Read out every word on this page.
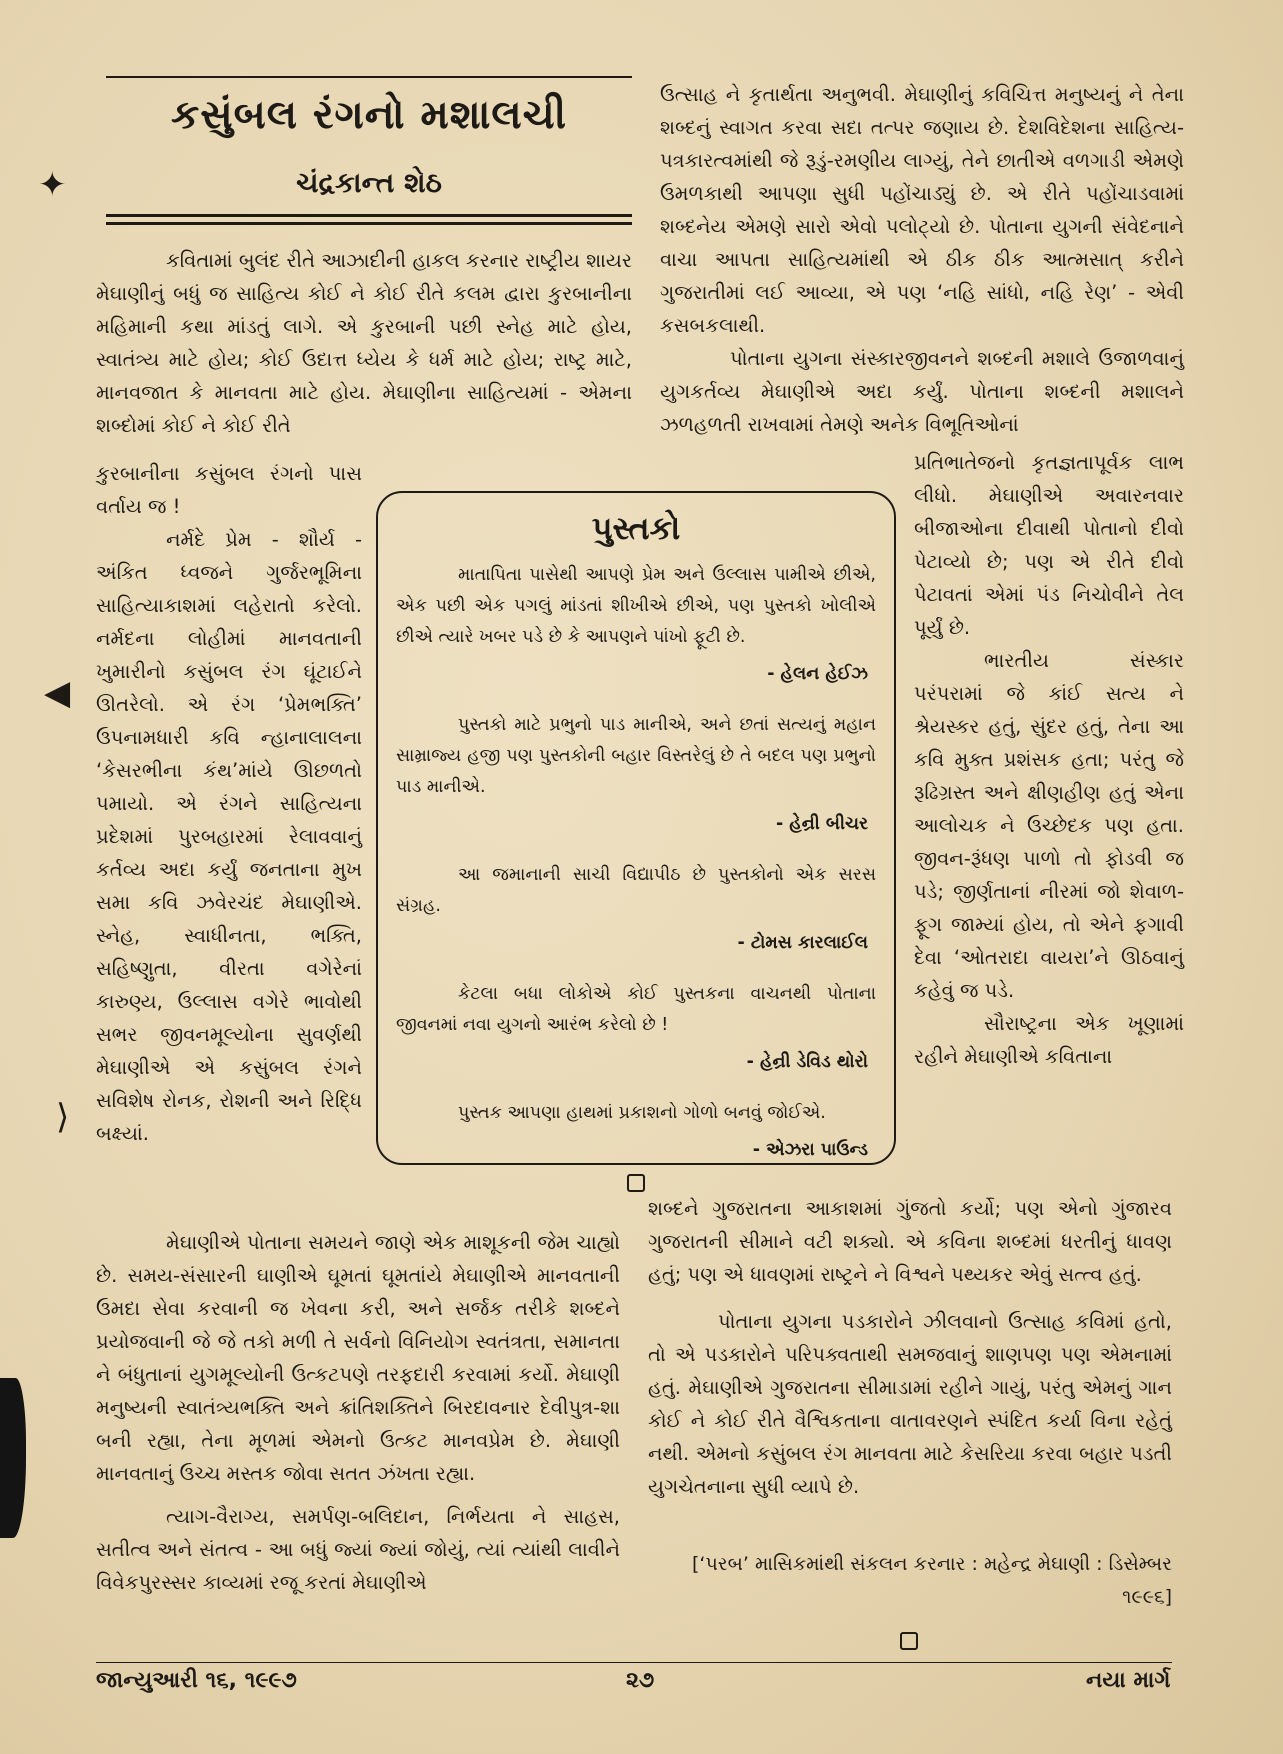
કસુંબલ રંગનો મશાલચી
ચંદ્રકાન્ત શેઠ
✦
◀
⟩

કવિતામાં બુલંદ રીતે આઝાદીની હાકલ કરનાર રાષ્ટ્રીય શાયર મેઘાણીનું બધું જ સાહિત્ય કોઈ ને કોઈ રીતે કલમ દ્વારા કુરબાનીના મહિમાની કથા માંડતું લાગે. એ કુરબાની પછી સ્નેહ માટે હોય, સ્વાતંત્ર્ય માટે હોય; કોઈ ઉદાત્ત ધ્યેય કે ધર્મ માટે હોય; રાષ્ટ્ર માટે, માનવજાત કે માનવતા માટે હોય. મેઘાણીના સાહિત્યમાં - એમના શબ્દોમાં કોઈ ને કોઈ રીતે

કુરબાનીના કસુંબલ રંગનો પાસ વર્તાય જ !

નર્મદે પ્રેમ - શૌર્ય - અંકિત ધ્વજને ગુર્જરભૂમિના સાહિત્યાકાશમાં લહેરાતો કરેલો. નર્મદના લોહીમાં માનવતાની ખુમારીનો કસુંબલ રંગ ઘૂંટાઈને ઊતરેલો. એ રંગ ‘પ્રેમભક્તિ’ ઉપનામધારી કવિ ન્હાનાલાલના ‘કેસરભીના કંથ’માંયે ઊછળતો પમાયો. એ રંગને સાહિત્યના પ્રદેશમાં પુરબહારમાં રેલાવવાનું કર્તવ્ય અદા કર્યું જનતાના મુખ સમા કવિ ઝવેરચંદ મેઘાણીએ. સ્નેહ, સ્વાધીનતા, ભક્તિ, સહિષ્ણુતા, વીરતા વગેરેનાં કારુણ્ય, ઉલ્લાસ વગેરે ભાવોથી સભર જીવનમૂલ્યોના સુવર્ણથી મેઘાણીએ એ કસુંબલ રંગને સવિશેષ રોનક, રોશની અને રિદ્ધિ બક્ષ્યાં.

મેઘાણીએ પોતાના સમયને જાણે એક માશૂકની જેમ ચાહ્યો છે. સમય-સંસારની ઘાણીએ ઘૂમતાં ઘૂમતાંયે મેઘાણીએ માનવતાની ઉમદા સેવા કરવાની જ ખેવના કરી, અને સર્જક તરીકે શબ્દને પ્રયોજવાની જે જે તકો મળી તે સર્વનો વિનિયોગ સ્વતંત્રતા, સમાનતા ને બંધુતાનાં યુગમૂલ્યોની ઉત્કટપણે તરફદારી કરવામાં કર્યો. મેઘાણી મનુષ્યની સ્વાતંત્ર્યભક્તિ અને ક્રાંતિશક્તિને બિરદાવનાર દેવીપુત્ર-શા બની રહ્યા, તેના મૂળમાં એમનો ઉત્કટ માનવપ્રેમ છે. મેઘાણી માનવતાનું ઉચ્ચ મસ્તક જોવા સતત ઝંખતા રહ્યા.

ત્યાગ-વૈરાગ્ય, સમર્પણ-બલિદાન, નિર્ભયતા ને સાહસ, સતીત્વ અને સંતત્વ - આ બધું જ્યાં જ્યાં જોયું, ત્યાં ત્યાંથી લાવીને વિવેકપુરસ્સર કાવ્યમાં રજૂ કરતાં મેઘાણીએ

ઉત્સાહ ને કૃતાર્થતા અનુભવી. મેઘાણીનું કવિચિત્ત મનુષ્યનું ને તેના શબ્દનું સ્વાગત કરવા સદા તત્પર જણાય છે. દેશવિદેશના સાહિત્ય- પત્રકારત્વમાંથી જે રૂડું-રમણીય લાગ્યું, તેને છાતીએ વળગાડી એમણે ઉમળકાથી આપણા સુધી પહોંચાડ્યું છે. એ રીતે પહોંચાડવામાં શબ્દનેય એમણે સારો એવો પલોટ્યો છે. પોતાના યુગની સંવેદનાને વાચા આપતા સાહિત્યમાંથી એ ઠીક ઠીક આત્મસાત્ કરીને ગુજરાતીમાં લઈ આવ્યા, એ પણ ‘નહિ સાંધો, નહિ રેણ’ - એવી કસબકલાથી.

પોતાના યુગના સંસ્કારજીવનને શબ્દની મશાલે ઉજાળવાનું યુગકર્તવ્ય મેઘાણીએ અદા કર્યું. પોતાના શબ્દની મશાલને ઝળહળતી રાખવામાં તેમણે અનેક વિભૂતિઓનાં

પ્રતિભાતેજનો કૃતજ્ઞતાપૂર્વક લાભ લીધો. મેઘાણીએ અવારનવાર બીજાઓના દીવાથી પોતાનો દીવો પેટાવ્યો છે; પણ એ રીતે દીવો પેટાવતાં એમાં પંડ નિચોવીને તેલ પૂર્યું છે.

ભારતીય સંસ્કાર પરંપરામાં જે કાંઈ સત્ય ને શ્રેયસ્કર હતું, સુંદર હતું, તેના આ કવિ મુક્ત પ્રશંસક હતા; પરંતુ જે રૂઢિગ્રસ્ત અને ક્ષીણહીણ હતું એના આલોચક ને ઉચ્છેદક પણ હતા. જીવન-રૂંધણ પાળો તો ફોડવી જ પડે; જીર્ણતાનાં નીરમાં જો શેવાળ-ફૂગ જામ્યાં હોય, તો એને ફગાવી દેવા ‘ઓતરાદા વાયરા’ને ઊઠવાનું કહેવું જ પડે.

સૌરાષ્ટ્રના એક ખૂણામાં રહીને મેઘાણીએ કવિતાના

શબ્દને ગુજરાતના આકાશમાં ગુંજતો કર્યો; પણ એનો ગુંજારવ ગુજરાતની સીમાને વટી શક્યો. એ કવિના શબ્દમાં ધરતીનું ધાવણ હતું; પણ એ ધાવણમાં રાષ્ટ્રને ને વિશ્વને પથ્યકર એવું સત્ત્વ હતું.

પોતાના યુગના પડકારોને ઝીલવાનો ઉત્સાહ કવિમાં હતો, તો એ પડકારોને પરિપક્વતાથી સમજવાનું શાણપણ પણ એમનામાં હતું. મેઘાણીએ ગુજરાતના સીમાડામાં રહીને ગાયું, પરંતુ એમનું ગાન કોઈ ને કોઈ રીતે વૈશ્વિકતાના વાતાવરણને સ્પંદિત કર્યા વિના રહેતું નથી. એમનો કસુંબલ રંગ માનવતા માટે કેસરિયા કરવા બહાર પડતી યુગચેતનાના સુધી વ્યાપે છે.

[‘પરબ’ માસિકમાંથી સંકલન કરનાર : મહેન્દ્ર મેઘાણી : ડિસેમ્બર ૧૯૯૬]
પુસ્તકો

માતાપિતા પાસેથી આપણે પ્રેમ અને ઉલ્લાસ પામીએ છીએ, એક પછી એક પગલું માંડતાં શીખીએ છીએ, પણ પુસ્તકો ખોલીએ છીએ ત્યારે ખબર પડે છે કે આપણને પાંખો ફૂટી છે.

- હેલન હેઈઝ

પુસ્તકો માટે પ્રભુનો પાડ માનીએ, અને છતાં સત્યનું મહાન સામ્રાજ્ય હજી પણ પુસ્તકોની બહાર વિસ્તરેલું છે તે બદલ પણ પ્રભુનો પાડ માનીએ.

- હેન્રી બીચર

આ જમાનાની સાચી વિદ્યાપીઠ છે પુસ્તકોનો એક સરસ સંગ્રહ.

- ટોમસ કારલાઈલ

કેટલા બધા લોકોએ કોઈ પુસ્તકના વાચનથી પોતાના જીવનમાં નવા યુગનો આરંભ કરેલો છે !

- હેન્રી ડેવિડ થોરો

પુસ્તક આપણા હાથમાં પ્રકાશનો ગોળો બનવું જોઈએ.

- એઝરા પાઉન્ડ
જાન્યુઆરી ૧૬, ૧૯૯૭	૨૭	નયા માર્ગ
